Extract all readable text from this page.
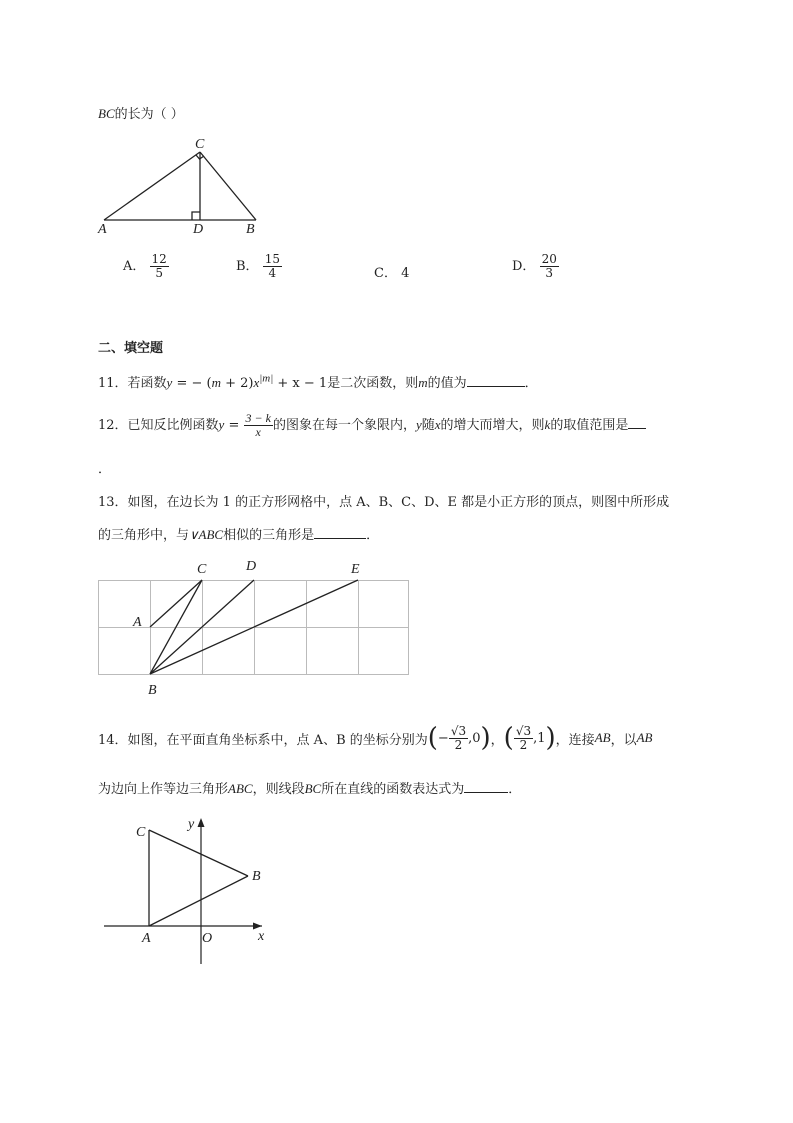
BC的长为（ ）
C
A	D	B
A． $\frac{12}{5}$	B． $\frac{15}{4}$	C． 4	D． $\frac{20}{3}$
二、填空题
11．若函数y = − $(m + 2)x^{|m|} + x - 1$是二次函数，则m的值为	．
12．已知反比例函数$y = \frac{3 - k}{x}$ 的图象在每一个象限内，y随x的增大而增大，则k的取值范围是
．
13．如图，在边长为 1 的正方形网格中，点 A、B、C、D、E 都是小正方形的顶点，则图中所形成
的三角形中，与∨ABC相似的三角形是	．
A
B
C	D	E
14．如图，在平面直角坐标系中，点 A、B 的坐标分别为 ( − $\frac{√3}{2} ,0$ ) ， ( $\frac{√3}{2} ,1$ ) ，连接 AB ，以 AB
为边向上作等边三角形ABC，则线段BC所在直线的函数表达式为	．
C
B
A	O	x
y
